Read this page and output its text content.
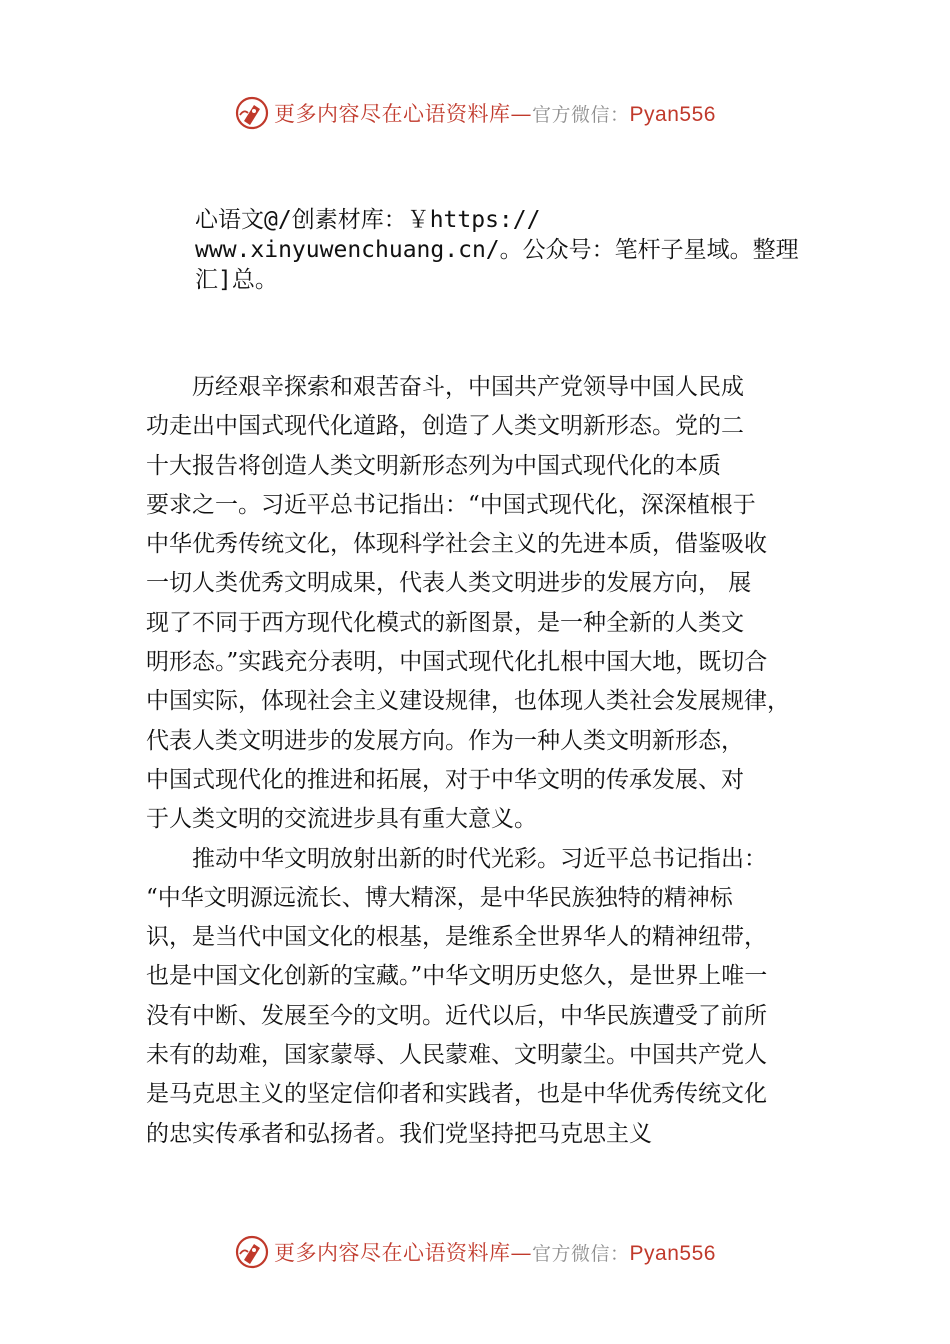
更多内容尽在心语资料库—官方微信：Pyan556

心语文@/创素材库：￥https://

www.xinyuwenchuang.cn/。公众号：笔杆子星域。整理

汇]总。

历经艰辛探索和艰苦奋斗，中国共产党领导中国人民成

功走出中国式现代化道路，创造了人类文明新形态。党的二

十大报告将创造人类文明新形态列为中国式现代化的本质

要求之一。习近平总书记指出：“中国式现代化，深深植根于

中华优秀传统文化，体现科学社会主义的先进本质，借鉴吸收

一切人类优秀文明成果，代表人类文明进步的发展方向， 展

现了不同于西方现代化模式的新图景，是一种全新的人类文

明形态。”实践充分表明，中国式现代化扎根中国大地，既切合

中国实际，体现社会主义建设规律，也体现人类社会发展规律，

代表人类文明进步的发展方向。作为一种人类文明新形态，

中国式现代化的推进和拓展，对于中华文明的传承发展、对

于人类文明的交流进步具有重大意义。

推动中华文明放射出新的时代光彩。习近平总书记指出：

“中华文明源远流长、博大精深，是中华民族独特的精神标

识，是当代中国文化的根基，是维系全世界华人的精神纽带，

也是中国文化创新的宝藏。”中华文明历史悠久，是世界上唯一

没有中断、发展至今的文明。近代以后，中华民族遭受了前所

未有的劫难，国家蒙辱、人民蒙难、文明蒙尘。中国共产党人

是马克思主义的坚定信仰者和实践者，也是中华优秀传统文化

的忠实传承者和弘扬者。我们党坚持把马克思主义

更多内容尽在心语资料库—官方微信：Pyan556
